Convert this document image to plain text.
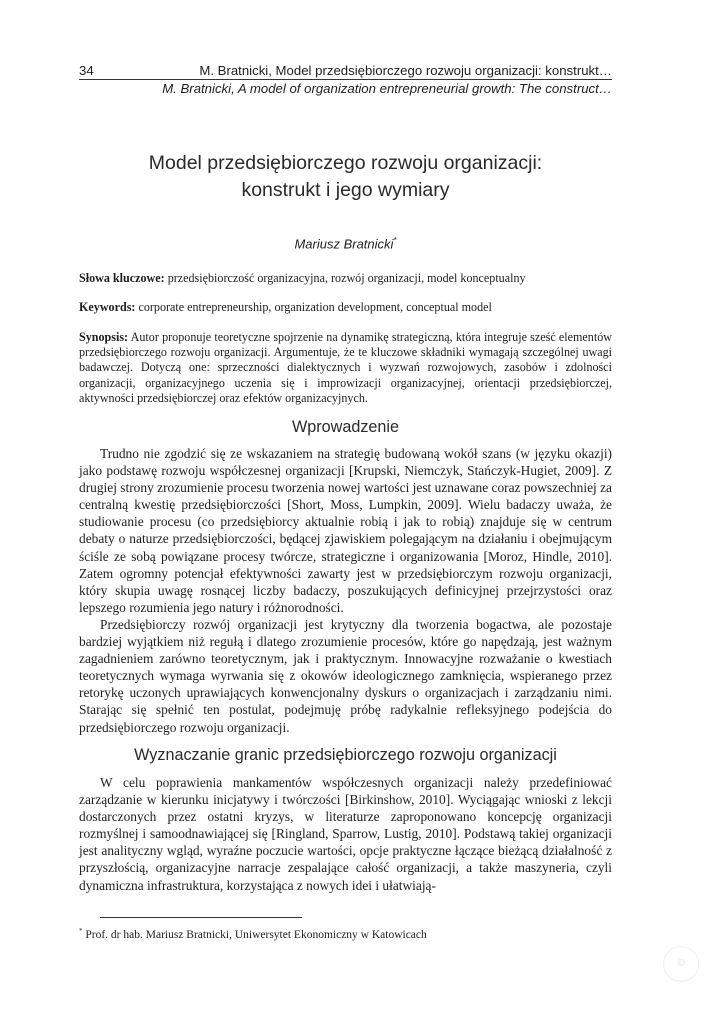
34	M. Bratnicki, Model przedsiębiorczego rozwoju organizacji: konstrukt…
M. Bratnicki, A model of organization entrepreneurial growth: The construct…
Model przedsiębiorczego rozwoju organizacji:
konstrukt i jego wymiary
Mariusz Bratnicki*
Słowa kluczowe: przedsiębiorczość organizacyjna, rozwój organizacji, model konceptualny
Keywords: corporate entrepreneurship, organization development, conceptual model
Synopsis: Autor proponuje teoretyczne spojrzenie na dynamikę strategiczną, która integruje sześć elementów przedsiębiorczego rozwoju organizacji. Argumentuje, że te kluczowe składniki wymagają szczególnej uwagi badawczej. Dotyczą one: sprzeczności dialektycznych i wyzwań rozwojowych, zasobów i zdolności organizacji, organizacyjnego uczenia się i improwizacji organizacyjnej, orientacji przedsiębiorczej, aktywności przedsiębiorczej oraz efektów organizacyjnych.
Wprowadzenie

Trudno nie zgodzić się ze wskazaniem na strategię budowaną wokół szans (w języku okazji) jako podstawę rozwoju współczesnej organizacji [Krupski, Niemczyk, Stańczyk-Hugiet, 2009]. Z drugiej strony zrozumienie procesu tworzenia nowej wartości jest uznawane coraz powszechniej za centralną kwestię przedsiębiorczości [Short, Moss, Lumpkin, 2009]. Wielu badaczy uważa, że studiowanie procesu (co przedsiębiorcy aktualnie robią i jak to robią) znajduje się w centrum debaty o naturze przedsiębiorczości, będącej zjawiskiem polegającym na działaniu i obejmującym ściśle ze sobą powiązane procesy twórcze, strategiczne i organizowania [Moroz, Hindle, 2010]. Zatem ogromny potencjał efektywności zawarty jest w przedsiębiorczym rozwoju organizacji, który skupia uwagę rosnącej liczby badaczy, poszukujących definicyjnej przejrzystości oraz lepszego rozumienia jego natury i różnorodności.

Przedsiębiorczy rozwój organizacji jest krytyczny dla tworzenia bogactwa, ale pozostaje bardziej wyjątkiem niż regułą i dlatego zrozumienie procesów, które go napędzają, jest ważnym zagadnieniem zarówno teoretycznym, jak i praktycznym. Innowacyjne rozważanie o kwestiach teoretycznych wymaga wyrwania się z okowów ideologicznego zamknięcia, wspieranego przez retorykę uczonych uprawiających konwencjonalny dyskurs o organizacjach i zarządzaniu nimi. Starając się spełnić ten postulat, podejmuję próbę radykalnie refleksyjnego podejścia do przedsiębiorczego rozwoju organizacji.

Wyznaczanie granic przedsiębiorczego rozwoju organizacji

W celu poprawienia mankamentów współczesnych organizacji należy przedefiniować zarządzanie w kierunku inicjatywy i twórczości [Birkinshow, 2010]. Wyciągając wnioski z lekcji dostarczonych przez ostatni kryzys, w literaturze zaproponowano koncepcję organizacji rozmyślnej i samoodnawiającej się [Ringland, Sparrow, Lustig, 2010]. Podstawą takiej organizacji jest analityczny wgląd, wyraźne poczucie wartości, opcje praktyczne łączące bieżącą działalność z przyszłością, organizacyjne narracje zespalające całość organizacji, a także maszyneria, czyli dynamiczna infrastruktura, korzystająca z nowych idei i ułatwiają-

* Prof. dr hab. Mariusz Bratnicki, Uniwersytet Ekonomiczny w Katowicach
©
